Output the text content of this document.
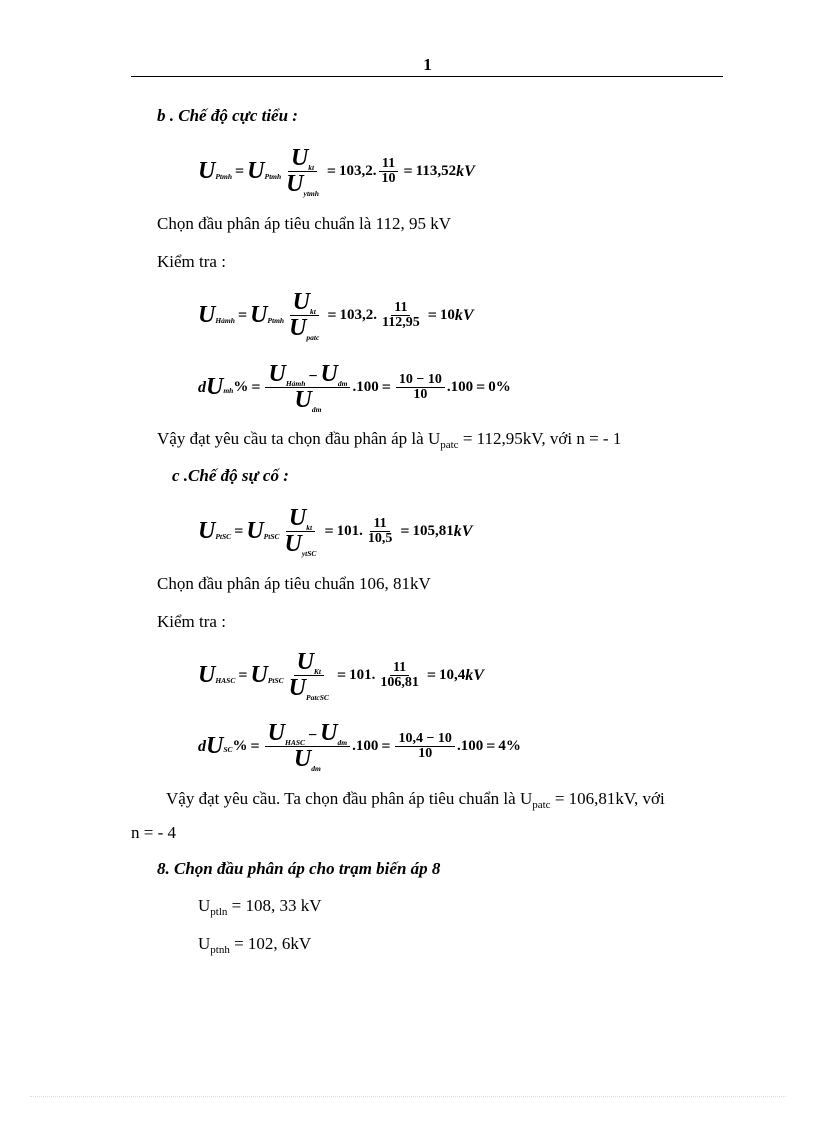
1
b . Chế độ cực tiểu :
U Ptmh = U Ptmh $\frac{U_{kt}}{U_{ytmh}} = 103,2$ . $\frac{11}{10} = 113,52$ kV
Chọn đầu phân áp tiêu chuẩn là 112, 95 kV
Kiểm tra :
U Hảmh = U Ptmh $\frac{U_{kt}}{U_{patc}} = 103,2$ . $\frac{11}{112,95} = 10$ kV
d U mh % = $\frac{U_{Hảmh} - U_{dm}}{U_{dm}}$ . $100 = \frac{10 - 10}{10}$ . 100 = 0%
Vậy đạt yêu cầu ta chọn đầu phân áp là $U_{patc} = 112,95kV$, với n = - 1
c .Chế độ sự cố :
U PtSC = U PtSC $\frac{U_{kt}}{U_{ytSC}} = 101$ . $\frac{11}{10,5} = 105,81$ kV
Chọn đầu phân áp tiêu chuẩn 106, 81kV
Kiểm tra :
U HASC = U PtSC $\frac{U_{Kt}}{U_{PatcSC}} = 101$ . $\frac{11}{106,81} = 10,4$ kV
d U SC % = $\frac{U_{HASC} - U_{dm}}{U_{dm}}$ . $100 = \frac{10,4 - 10}{10}$ . 100 = 4%
Vậy đạt yêu cầu. Ta chọn đầu phân áp tiêu chuẩn là $U_{patc} = 106,81kV$, với
n = - 4
8. Chọn đầu phân áp cho trạm biến áp 8
$U_{ptln} = 108$, 33 kV
$U_{ptnh} = 102$, 6kV
